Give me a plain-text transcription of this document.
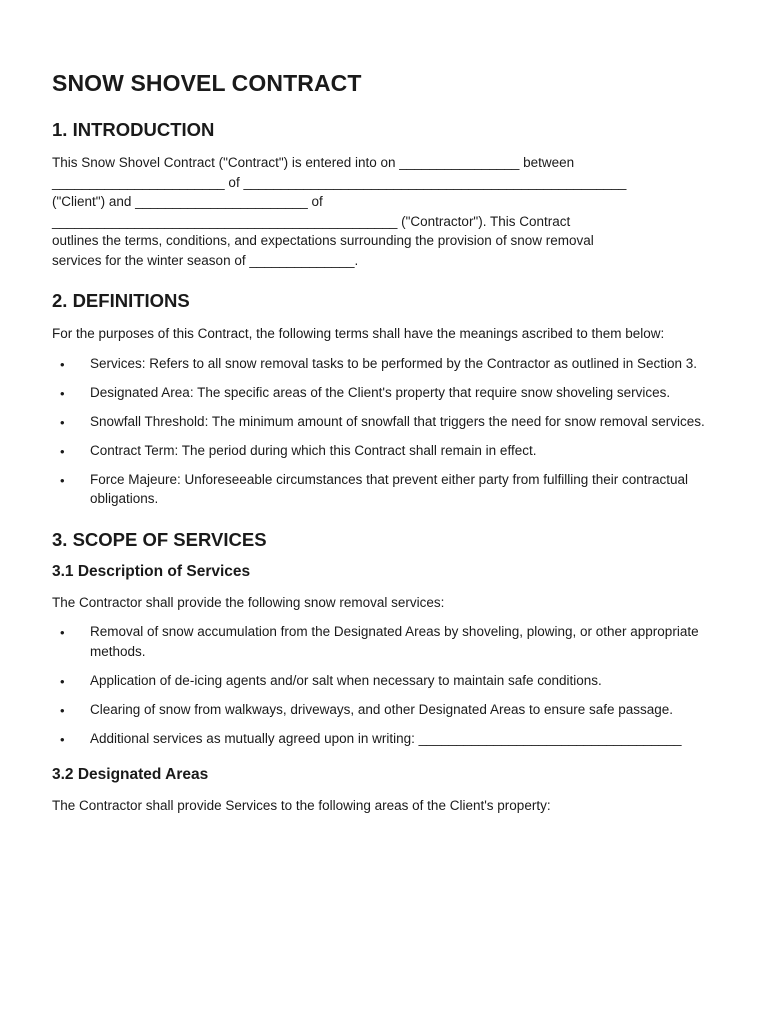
SNOW SHOVEL CONTRACT
1. INTRODUCTION

This Snow Shovel Contract ("Contract") is entered into on ________________ between
_______________________ of ___________________________________________________
("Client") and _______________________ of
______________________________________________ ("Contractor"). This Contract
outlines the terms, conditions, and expectations surrounding the provision of snow removal
services for the winter season of ______________.

2. DEFINITIONS

For the purposes of this Contract, the following terms shall have the meanings ascribed to them below:

• Services: Refers to all snow removal tasks to be performed by the Contractor as outlined in Section 3.
• Designated Area: The specific areas of the Client's property that require snow shoveling services.
• Snowfall Threshold: The minimum amount of snowfall that triggers the need for snow removal services.
• Contract Term: The period during which this Contract shall remain in effect.
• Force Majeure: Unforeseeable circumstances that prevent either party from fulfilling their contractual obligations.
3. SCOPE OF SERVICES
3.1 Description of Services

The Contractor shall provide the following snow removal services:

• Removal of snow accumulation from the Designated Areas by shoveling, plowing, or other appropriate methods.
• Application of de-icing agents and/or salt when necessary to maintain safe conditions.
• Clearing of snow from walkways, driveways, and other Designated Areas to ensure safe passage.
• Additional services as mutually agreed upon in writing: ___________________________________
3.2 Designated Areas

The Contractor shall provide Services to the following areas of the Client's property:
